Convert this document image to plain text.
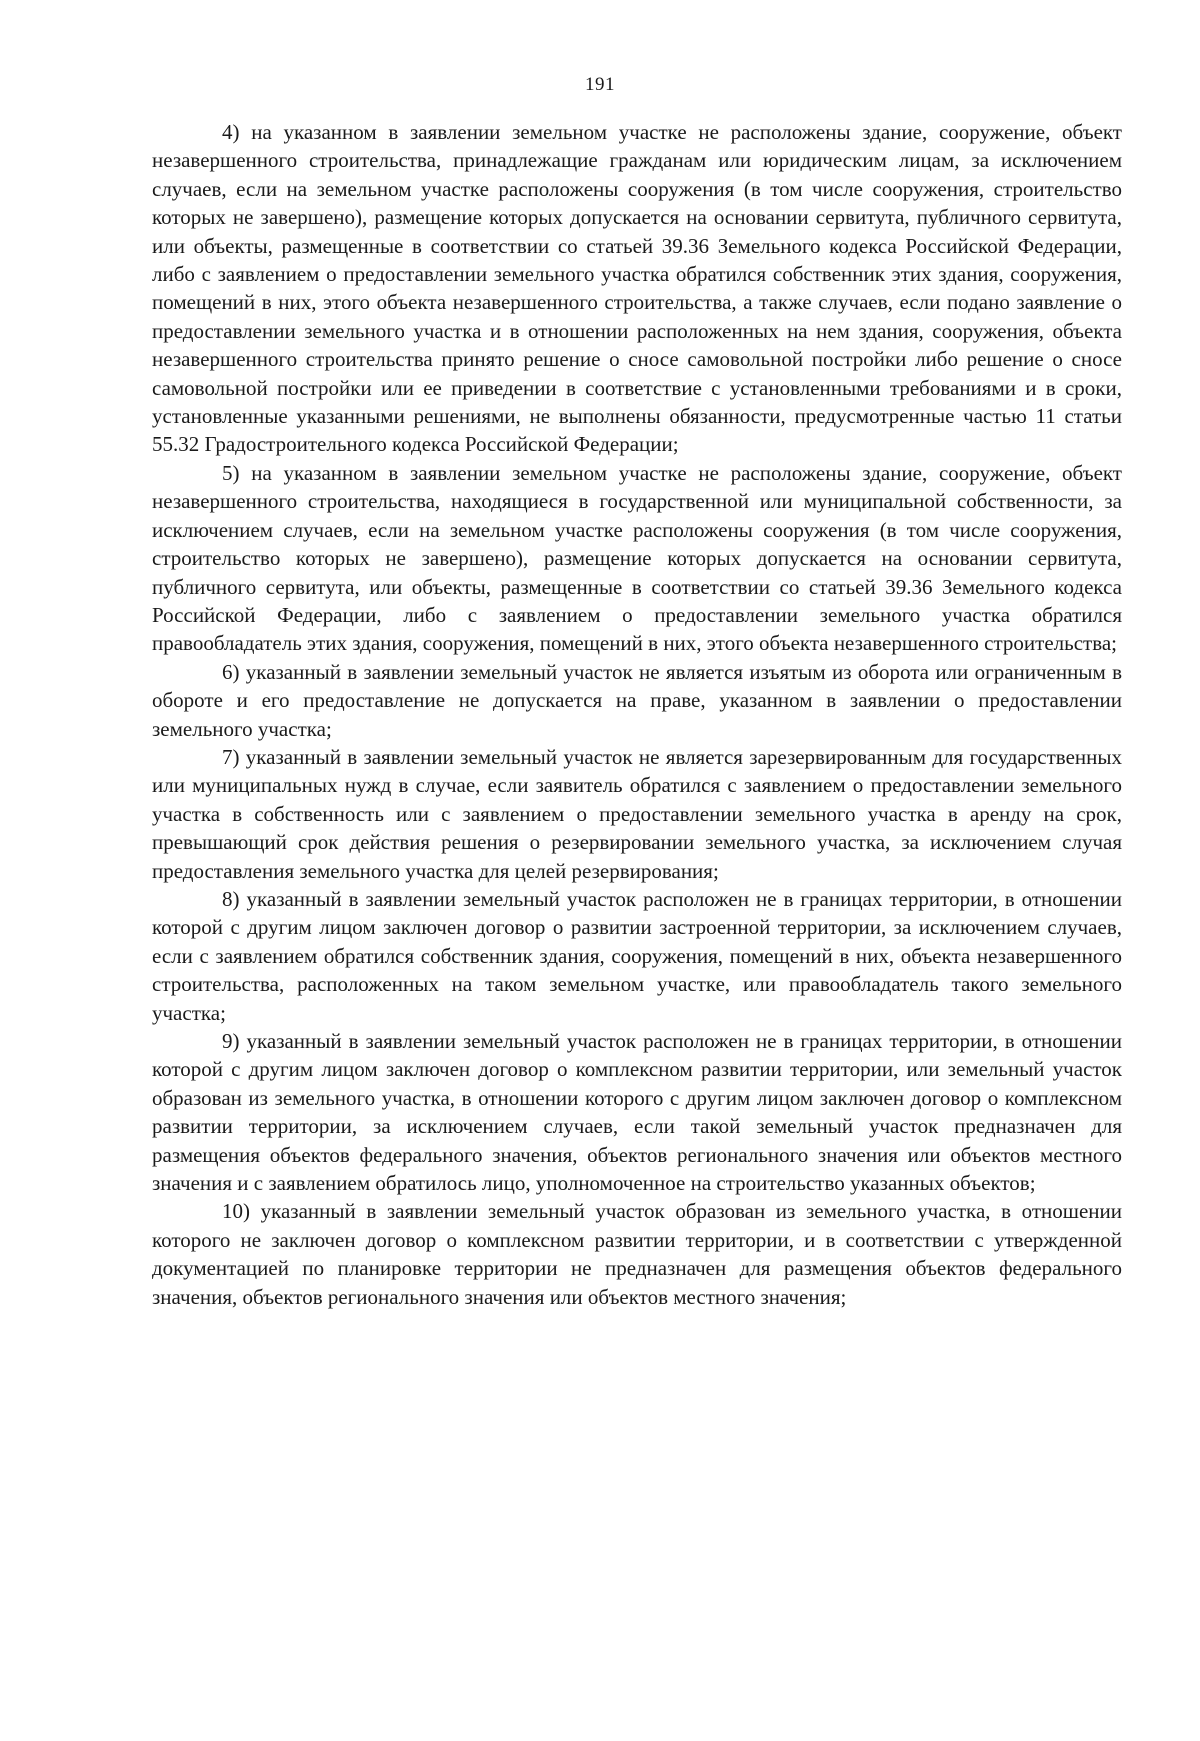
191

4) на указанном в заявлении земельном участке не расположены здание, сооружение, объект незавершенного строительства, принадлежащие гражданам или юридическим лицам, за исключением случаев, если на земельном участке расположены сооружения (в том числе сооружения, строительство которых не завершено), размещение которых допускается на основании сервитута, публичного сервитута, или объекты, размещенные в соответствии со статьей 39.36 Земельного кодекса Российской Федерации, либо с заявлением о предоставлении земельного участка обратился собственник этих здания, сооружения, помещений в них, этого объекта незавершенного строительства, а также случаев, если подано заявление о предоставлении земельного участка и в отношении расположенных на нем здания, сооружения, объекта незавершенного строительства принято решение о сносе самовольной постройки либо решение о сносе самовольной постройки или ее приведении в соответствие с установленными требованиями и в сроки, установленные указанными решениями, не выполнены обязанности, предусмотренные частью 11 статьи 55.32 Градостроительного кодекса Российской Федерации;

5) на указанном в заявлении земельном участке не расположены здание, сооружение, объект незавершенного строительства, находящиеся в государственной или муниципальной собственности, за исключением случаев, если на земельном участке расположены сооружения (в том числе сооружения, строительство которых не завершено), размещение которых допускается на основании сервитута, публичного сервитута, или объекты, размещенные в соответствии со статьей 39.36 Земельного кодекса Российской Федерации, либо с заявлением о предоставлении земельного участка обратился правообладатель этих здания, сооружения, помещений в них, этого объекта незавершенного строительства;

6) указанный в заявлении земельный участок не является изъятым из оборота или ограниченным в обороте и его предоставление не допускается на праве, указанном в заявлении о предоставлении земельного участка;

7) указанный в заявлении земельный участок не является зарезервированным для государственных или муниципальных нужд в случае, если заявитель обратился с заявлением о предоставлении земельного участка в собственность или с заявлением о предоставлении земельного участка в аренду на срок, превышающий срок действия решения о резервировании земельного участка, за исключением случая предоставления земельного участка для целей резервирования;

8) указанный в заявлении земельный участок расположен не в границах территории, в отношении которой с другим лицом заключен договор о развитии застроенной территории, за исключением случаев, если с заявлением обратился собственник здания, сооружения, помещений в них, объекта незавершенного строительства, расположенных на таком земельном участке, или правообладатель такого земельного участка;

9) указанный в заявлении земельный участок расположен не в границах территории, в отношении которой с другим лицом заключен договор о комплексном развитии территории, или земельный участок образован из земельного участка, в отношении которого с другим лицом заключен договор о комплексном развитии территории, за исключением случаев, если такой земельный участок предназначен для размещения объектов федерального значения, объектов регионального значения или объектов местного значения и с заявлением обратилось лицо, уполномоченное на строительство указанных объектов;

10) указанный в заявлении земельный участок образован из земельного участка, в отношении которого не заключен договор о комплексном развитии территории, и в соответствии с утвержденной документацией по планировке территории не предназначен для размещения объектов федерального значения, объектов регионального значения или объектов местного значения;
